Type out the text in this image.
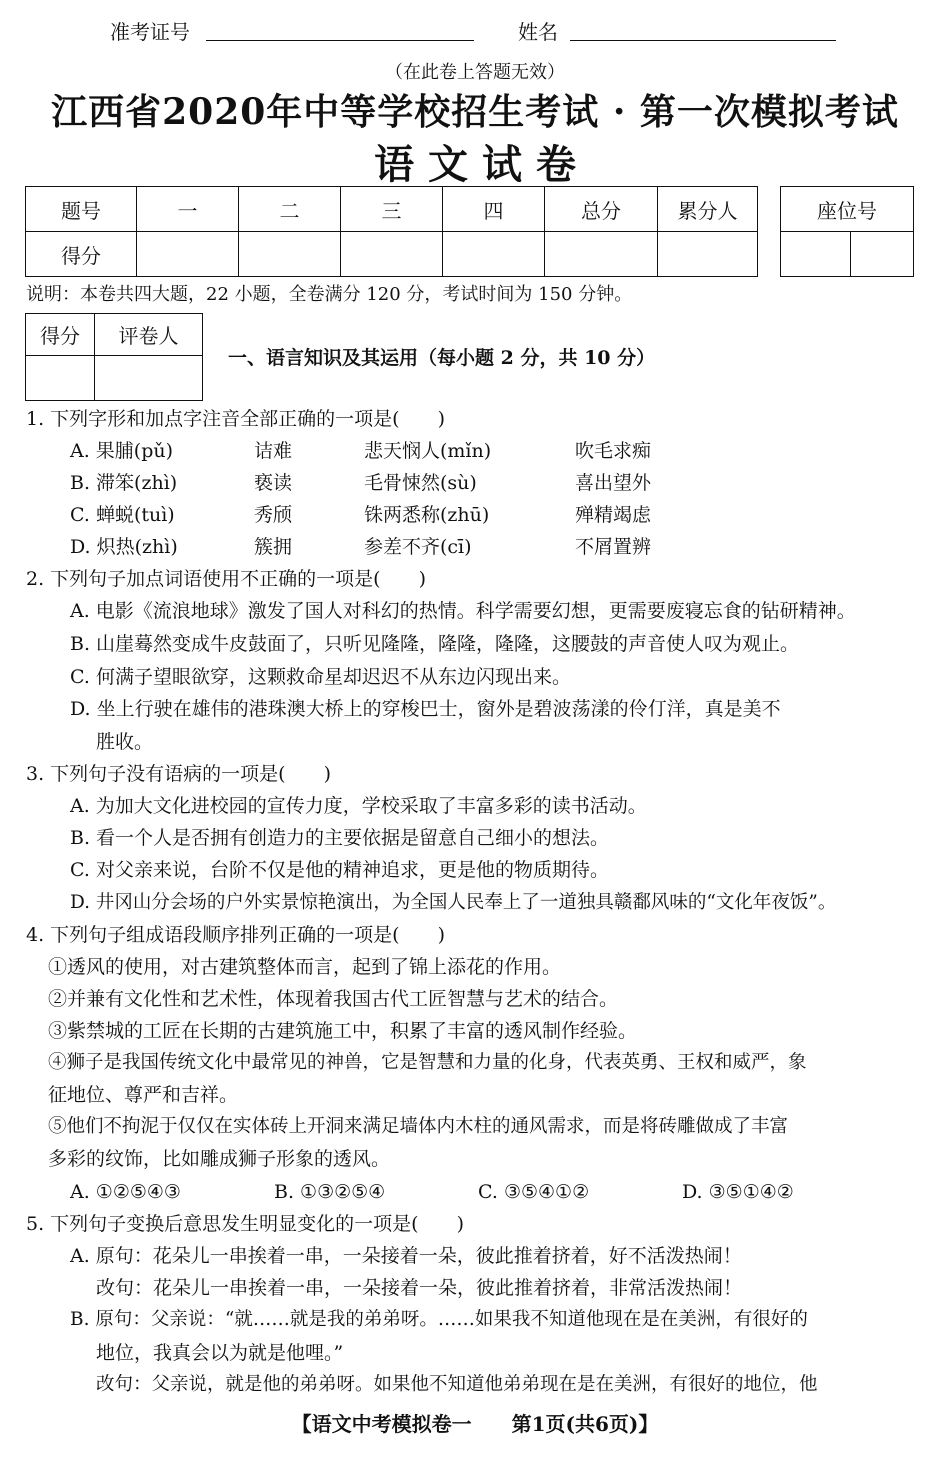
准考证号	姓名
（在此卷上答题无效）
江西省2020年中等学校招生考试 · 第一次模拟考试
语 文 试 卷
题号	一	二	三	四	总分	累分人
得分						
座位号

说明：本卷共四大题，22 小题，全卷满分 120 分，考试时间为 150 分钟。
得分	评卷人

一、语言知识及其运用（每小题 2 分，共 10 分）
1. 下列字形和加点字注音全部正确的一项是(　　)
A. 果脯(pǔ)	诘难	悲天悯人(mǐn)	吹毛求痴
B. 滞笨(zhì)	亵读	毛骨悚然(sù)	喜出望外
C. 蝉蜕(tuì)	秀颀	铢两悉称(zhū)	殚精竭虑
D. 炽热(zhì)	簇拥	参差不齐(cī)	不屑置辨
2. 下列句子加点词语使用不正确的一项是(　　)
A. 电影《流浪地球》激发了国人对科幻的热情。科学需要幻想，更需要废寝忘食的钻研精神。
B. 山崖蓦然变成牛皮鼓面了，只听见隆隆，隆隆，隆隆，这腰鼓的声音使人叹为观止。
C. 何满子望眼欲穿，这颗救命星却迟迟不从东边闪现出来。
D. 坐上行驶在雄伟的港珠澳大桥上的穿梭巴士，窗外是碧波荡漾的伶仃洋，真是美不
胜收。
3. 下列句子没有语病的一项是(　　)
A. 为加大文化进校园的宣传力度，学校采取了丰富多彩的读书活动。
B. 看一个人是否拥有创造力的主要依据是留意自己细小的想法。
C. 对父亲来说，台阶不仅是他的精神追求，更是他的物质期待。
D. 井冈山分会场的户外实景惊艳演出，为全国人民奉上了一道独具赣鄱风味的“文化年夜饭”。
4. 下列句子组成语段顺序排列正确的一项是(　　)
①透风的使用，对古建筑整体而言，起到了锦上添花的作用。
②并兼有文化性和艺术性，体现着我国古代工匠智慧与艺术的结合。
③紫禁城的工匠在长期的古建筑施工中，积累了丰富的透风制作经验。
④狮子是我国传统文化中最常见的神兽，它是智慧和力量的化身，代表英勇、王权和威严，象
征地位、尊严和吉祥。
⑤他们不拘泥于仅仅在实体砖上开洞来满足墙体内木柱的通风需求，而是将砖雕做成了丰富
多彩的纹饰，比如雕成狮子形象的透风。
A. ①②⑤④③	B. ①③②⑤④	C. ③⑤④①②	D. ③⑤①④②
5. 下列句子变换后意思发生明显变化的一项是(　　)
A. 原句：花朵儿一串挨着一串，一朵接着一朵，彼此推着挤着，好不活泼热闹！
改句：花朵儿一串挨着一串，一朵接着一朵，彼此推着挤着，非常活泼热闹！
B. 原句：父亲说：“就……就是我的弟弟呀。……如果我不知道他现在是在美洲，有很好的
地位，我真会以为就是他哩。”
改句：父亲说，就是他的弟弟呀。如果他不知道他弟弟现在是在美洲，有很好的地位，他
【语文中考模拟卷一　　第1页(共6页)】
